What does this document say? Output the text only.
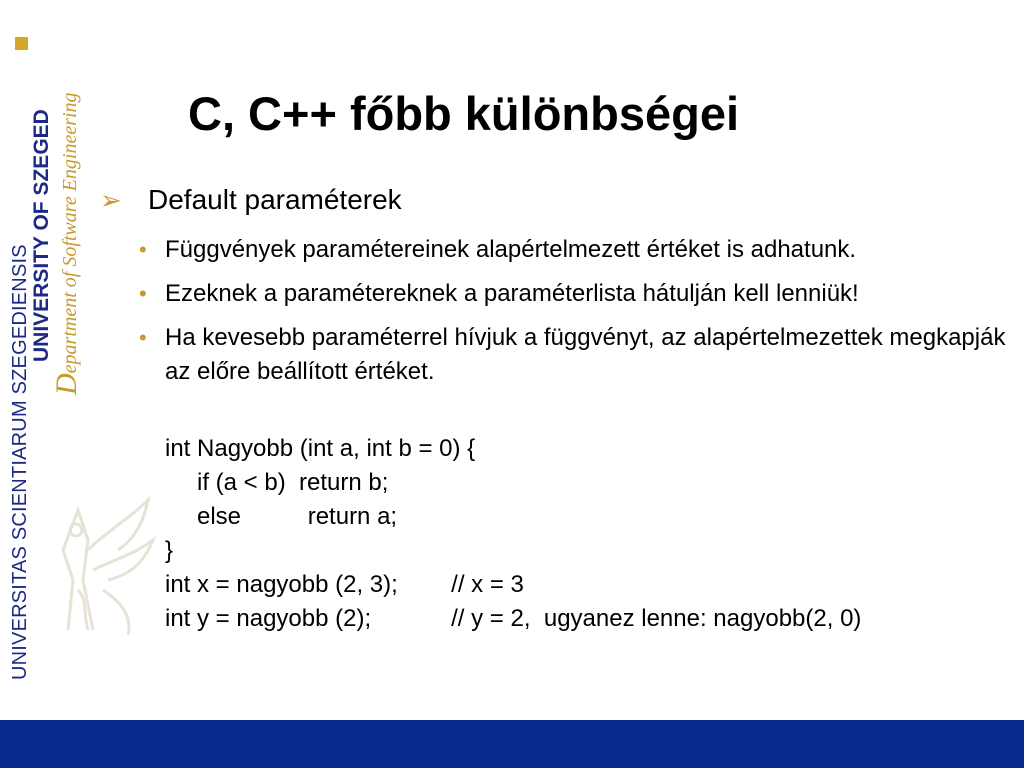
UNIVERSITAS SCIENTIARUM SZEGEDIENSIS
UNIVERSITY OF SZEGED
Department of Software Engineering C, C++ főbb különbségei
➢ Default paraméterek
• Függvények paramétereinek alapértelmezett értéket is adhatunk.
• Ezeknek a paramétereknek a paraméterlista hátulján kell lenniük!
• Ha kevesebb paraméterrel hívjuk a függvényt, az alapértelmezettek megkapják az előre beállított értéket.
int Nagyobb (int a, int b = 0) {
if (a < b)  return b;
else          return a;
}
int x = nagyobb (2, 3);        // x = 3
int y = nagyobb (2);            // y = 2,  ugyanez lenne: nagyobb(2, 0)
